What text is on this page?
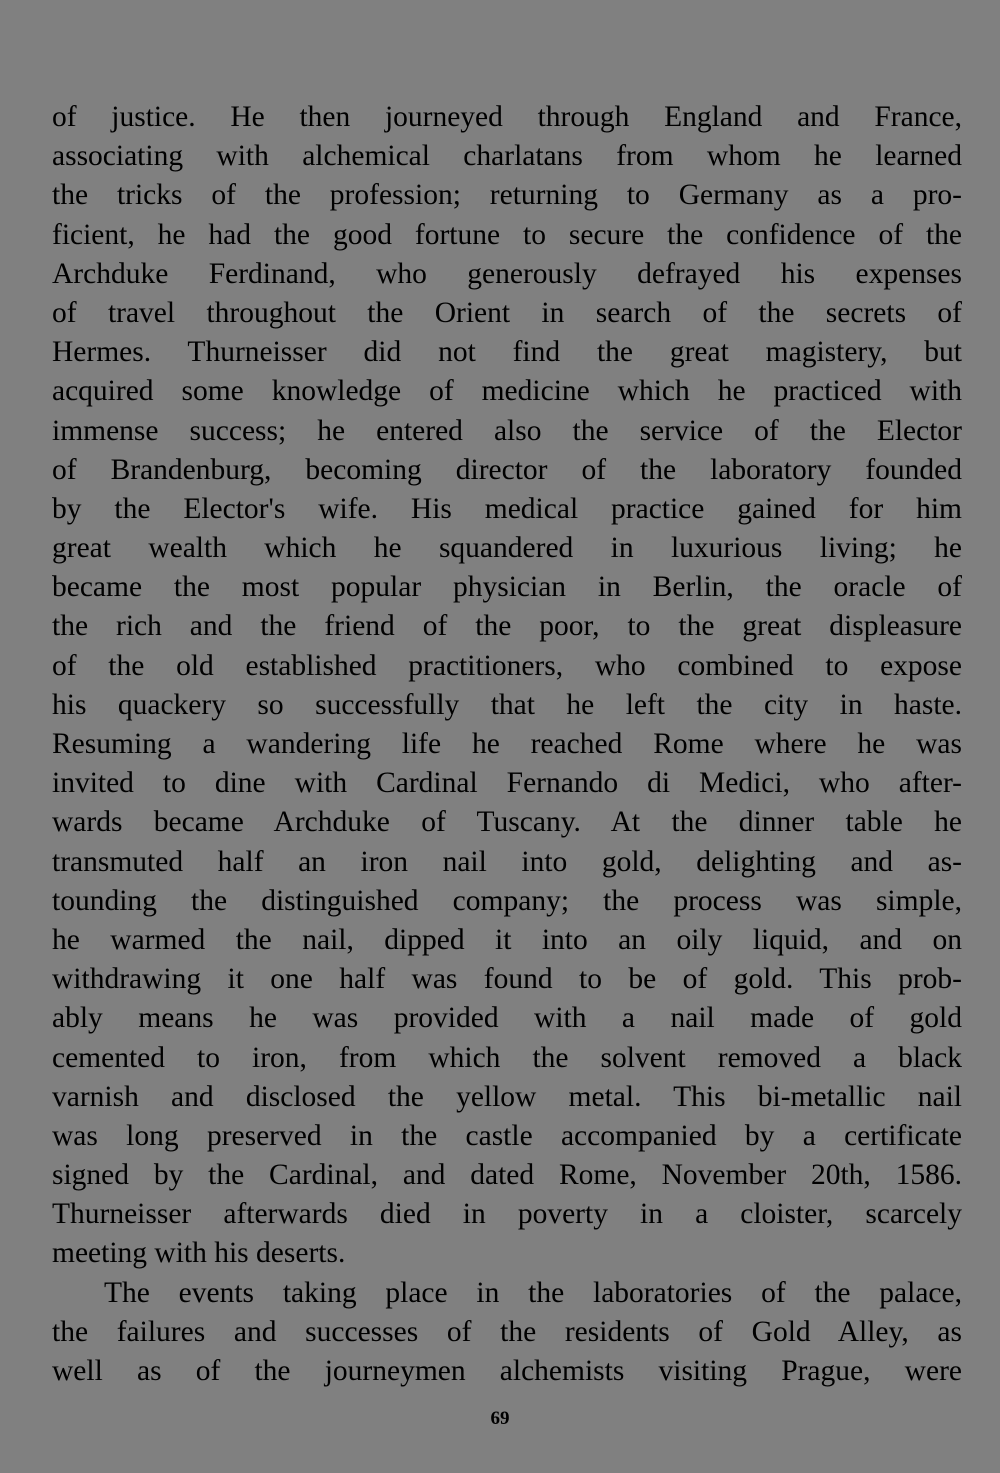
of justice. He then journeyed through England and France,
associating with alchemical charlatans from whom he learned
the tricks of the profession; returning to Germany as a pro-
ficient, he had the good fortune to secure the confidence of the
Archduke Ferdinand, who generously defrayed his expenses
of travel throughout the Orient in search of the secrets of
Hermes. Thurneisser did not find the great magistery, but
acquired some knowledge of medicine which he practiced with
immense success; he entered also the service of the Elector
of Brandenburg, becoming director of the laboratory founded
by the Elector's wife. His medical practice gained for him
great wealth which he squandered in luxurious living; he
became the most popular physician in Berlin, the oracle of
the rich and the friend of the poor, to the great displeasure
of the old established practitioners, who combined to expose
his quackery so successfully that he left the city in haste.
Resuming a wandering life he reached Rome where he was
invited to dine with Cardinal Fernando di Medici, who after-
wards became Archduke of Tuscany. At the dinner table he
transmuted half an iron nail into gold, delighting and as-
tounding the distinguished company; the process was simple,
he warmed the nail, dipped it into an oily liquid, and on
withdrawing it one half was found to be of gold. This prob-
ably means he was provided with a nail made of gold
cemented to iron, from which the solvent removed a black
varnish and disclosed the yellow metal. This bi-metallic nail
was long preserved in the castle accompanied by a certificate
signed by the Cardinal, and dated Rome, November 20th, 1586.
Thurneisser afterwards died in poverty in a cloister, scarcely
meeting with his deserts.
The events taking place in the laboratories of the palace,
the failures and successes of the residents of Gold Alley, as
well as of the journeymen alchemists visiting Prague, were
69
